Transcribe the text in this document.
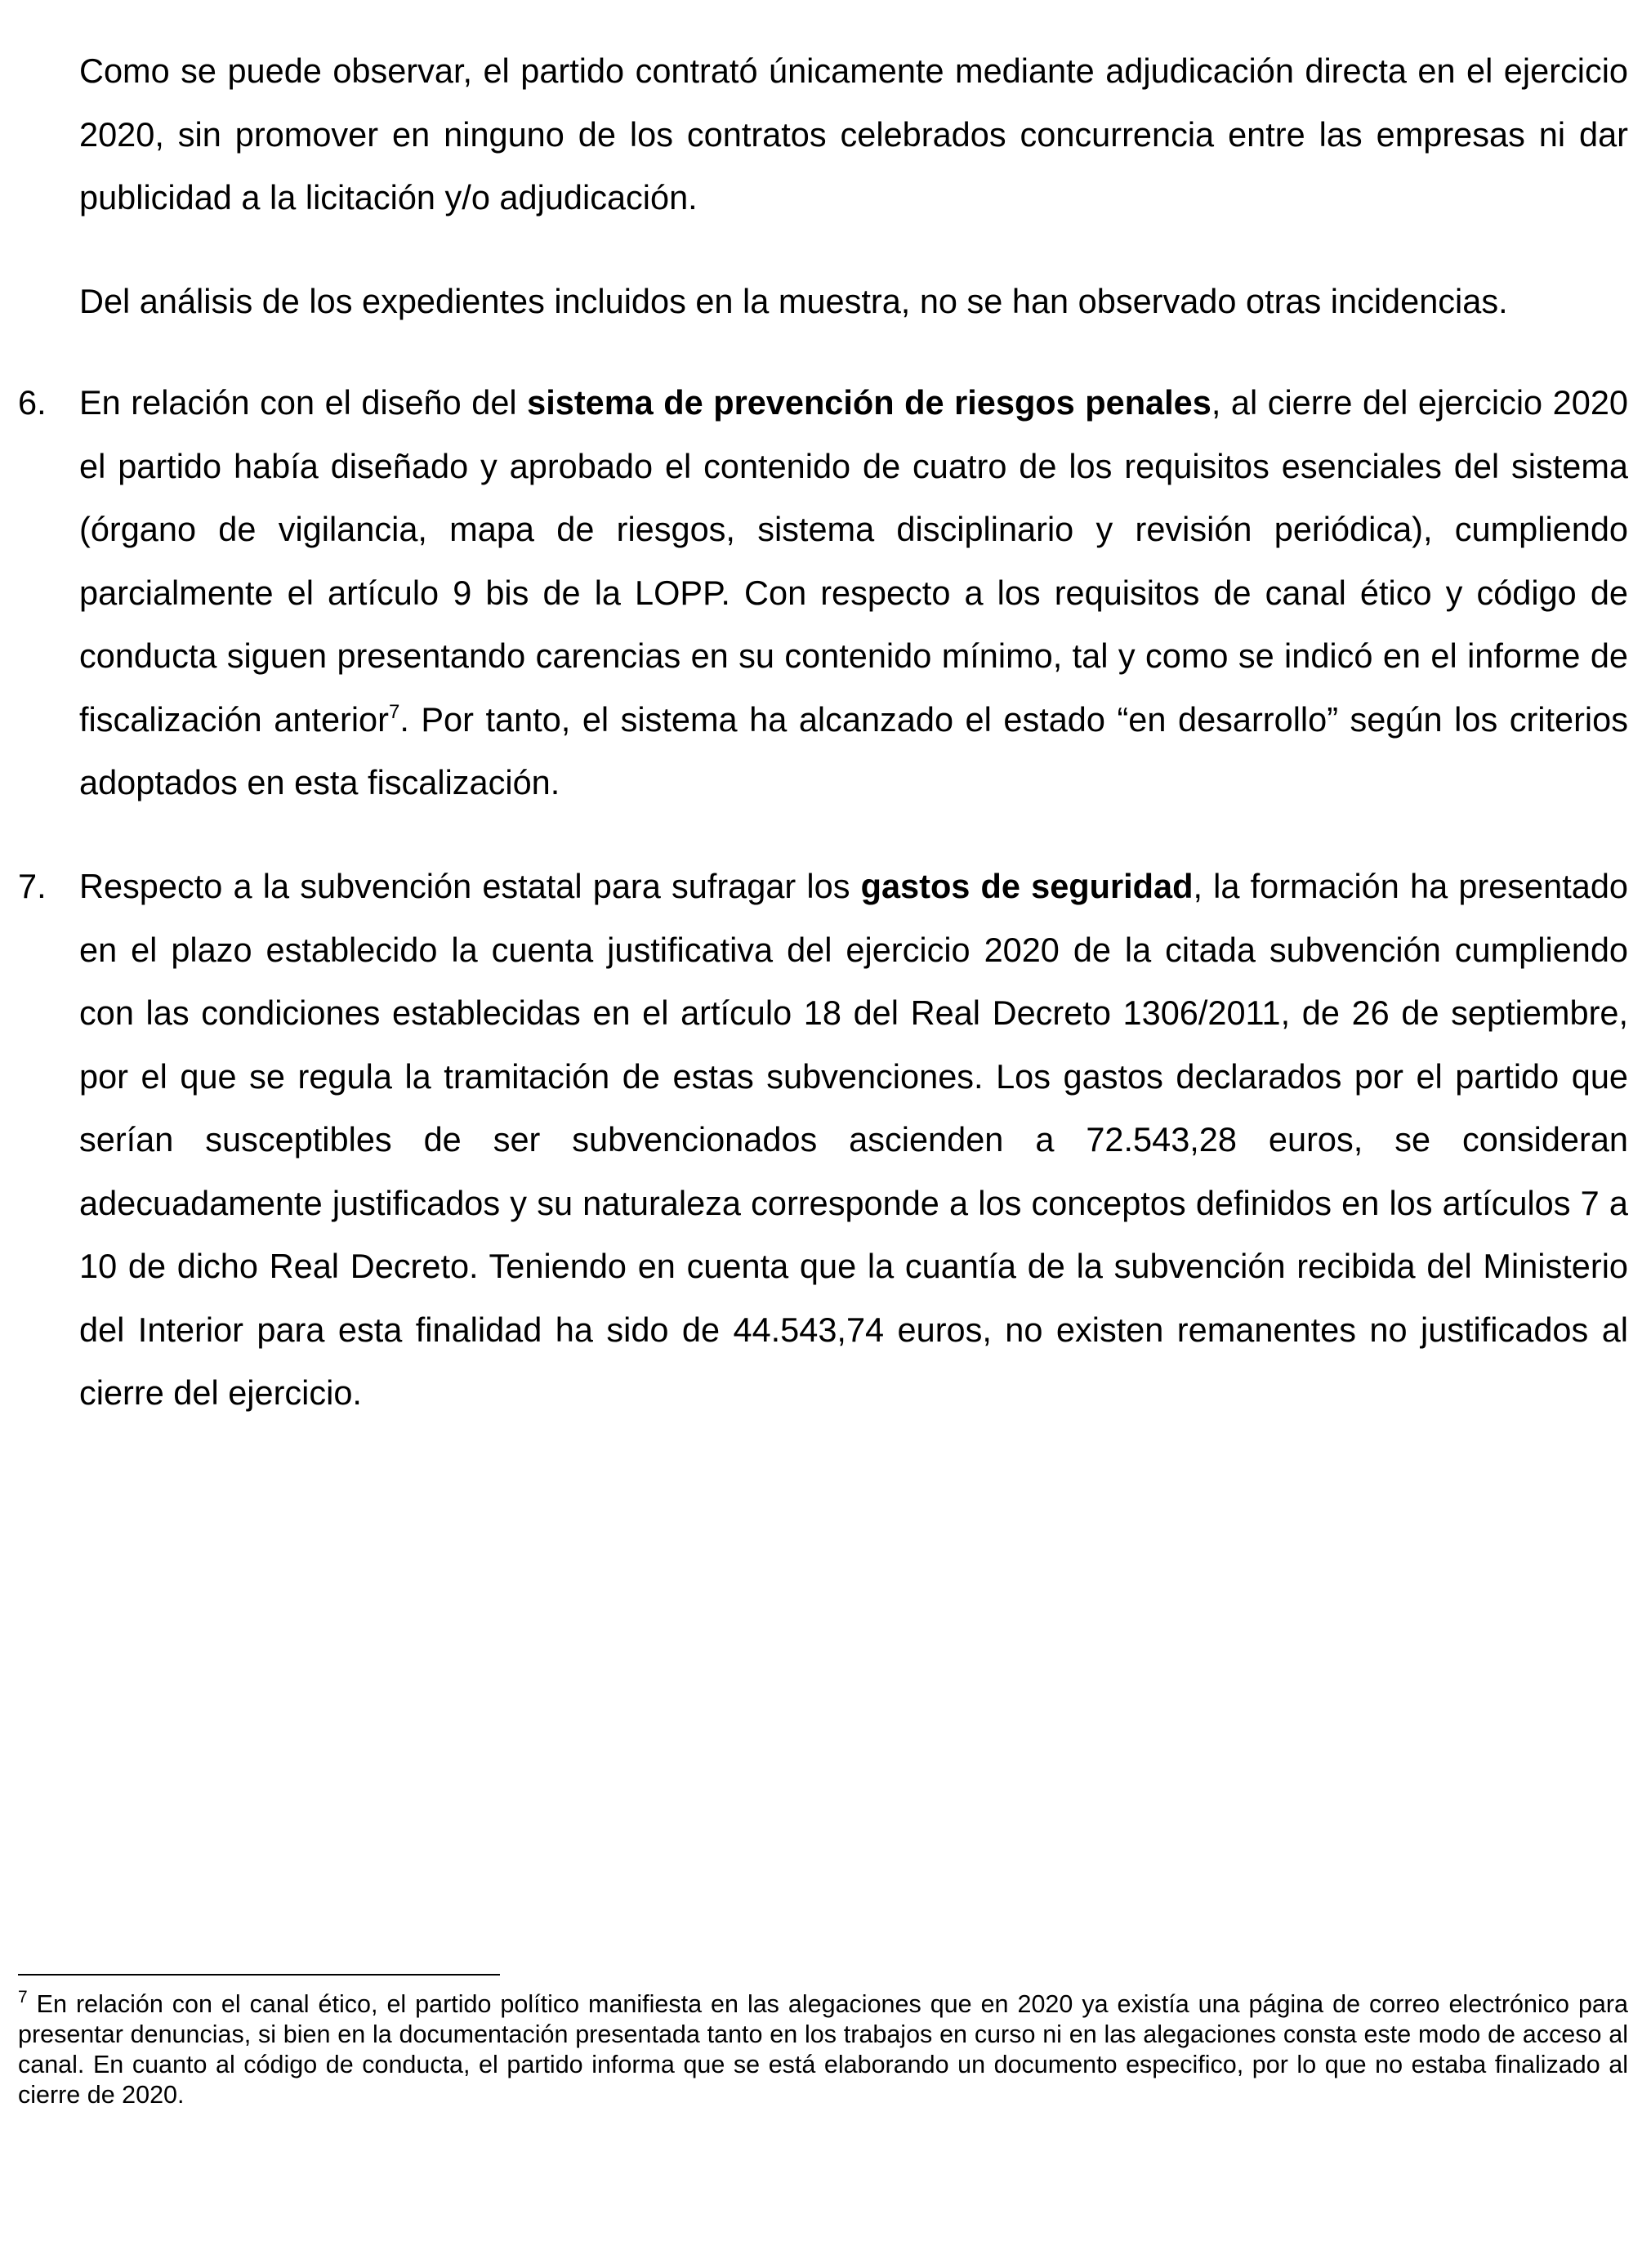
Como se puede observar, el partido contrató únicamente mediante adjudicación directa en el ejercicio 2020, sin promover en ninguno de los contratos celebrados concurrencia entre las empresas ni dar publicidad a la licitación y/o adjudicación.

Del análisis de los expedientes incluidos en la muestra, no se han observado otras incidencias.

6. En relación con el diseño del sistema de prevención de riesgos penales, al cierre del ejercicio 2020 el partido había diseñado y aprobado el contenido de cuatro de los requisitos esenciales del sistema (órgano de vigilancia, mapa de riesgos, sistema disciplinario y revisión periódica), cumpliendo parcialmente el artículo 9 bis de la LOPP. Con respecto a los requisitos de canal ético y código de conducta siguen presentando carencias en su contenido mínimo, tal y como se indicó en el informe de fiscalización anterior$^7$. Por tanto, el sistema ha alcanzado el estado “en desarrollo” según los criterios adoptados en esta fiscalización.

7. Respecto a la subvención estatal para sufragar los gastos de seguridad, la formación ha presentado en el plazo establecido la cuenta justificativa del ejercicio 2020 de la citada subvención cumpliendo con las condiciones establecidas en el artículo 18 del Real Decreto 1306/2011, de 26 de septiembre, por el que se regula la tramitación de estas subvenciones. Los gastos declarados por el partido que serían susceptibles de ser subvencionados ascienden a 72.543,28 euros, se consideran adecuadamente justificados y su naturaleza corresponde a los conceptos definidos en los artículos 7 a 10 de dicho Real Decreto. Teniendo en cuenta que la cuantía de la subvención recibida del Ministerio del Interior para esta finalidad ha sido de 44.543,74 euros, no existen remanentes no justificados al cierre del ejercicio.

$^7$ En relación con el canal ético, el partido político manifiesta en las alegaciones que en 2020 ya existía una página de correo electrónico para presentar denuncias, si bien en la documentación presentada tanto en los trabajos en curso ni en las alegaciones consta este modo de acceso al canal. En cuanto al código de conducta, el partido informa que se está elaborando un documento especifico, por lo que no estaba finalizado al cierre de 2020.
